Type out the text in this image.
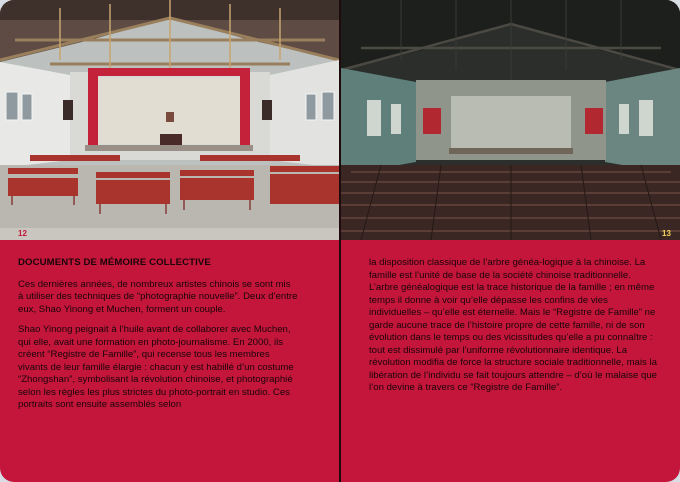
12
DOCUMENTS DE MÉMOIRE COLLECTIVE

Ces dernières années, de nombreux artistes chinois se sont mis à utiliser des techniques de “photographie nouvelle”. Deux d’entre eux, Shao Yinong et Muchen, forment un couple.

Shao Yinong peignait à l’huile avant de collaborer avec Muchen, qui elle, avait une formation en photo-journalisme. En 2000, ils créent “Registre de Famille”, qui recense tous les membres vivants de leur famille élargie : chacun y est habillé d’un costume “Zhongshan”, symbolisant la révolution chinoise, et photographié selon les règles les plus strictes du photo-portrait en studio. Ces portraits sont ensuite assemblés selon

la disposition classique de l’arbre généa-logique à la chinoise. La famille est l’unité de base de la société chinoise traditionnelle. L’arbre généalogique est la trace historique de la famille ; en même temps il donne à voir qu’elle dépasse les confins de vies individuelles – qu’elle est éternelle. Mais le “Registre de Famille” ne garde aucune trace de l’histoire propre de cette famille, ni de son évolution dans le temps ou des vicissitudes qu’elle a pu connaître : tout est dissimulé par l’uniforme révolutionnaire identique. La révolution modifia de force la structure sociale traditionnelle, mais la libération de l’individu se fait toujours attendre – d’où le malaise que l’on devine à travers ce “Registre de Famille”.

13
